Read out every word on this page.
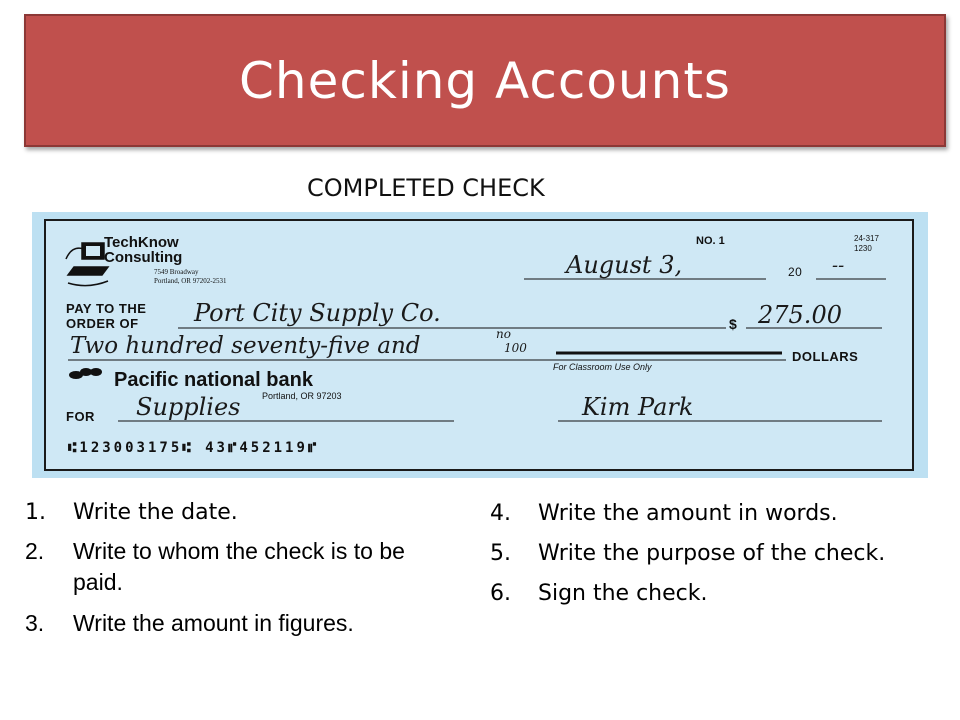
Checking Accounts
COMPLETED CHECK
TechKnow
Consulting
7549 Broadway
Portland, OR 97202-2531
NO. 1	24-317
1230
August 3,	20 --
PAY TO THE
ORDER OF Port City Supply Co.	$ 275.00
Two hundred seventy-five and	no
100
DOLLARS
For Classroom Use Only
Pacific national bank
Portland, OR 97203
FOR Supplies	Kim Park
⑆123003175⑆ 43⑈452119⑈
1.	Write the date.
2.	Write to whom the check is to be paid.
3.	Write the amount in figures.
4.	Write the amount in words.
5.	Write the purpose of the check.
6.	Sign the check.
